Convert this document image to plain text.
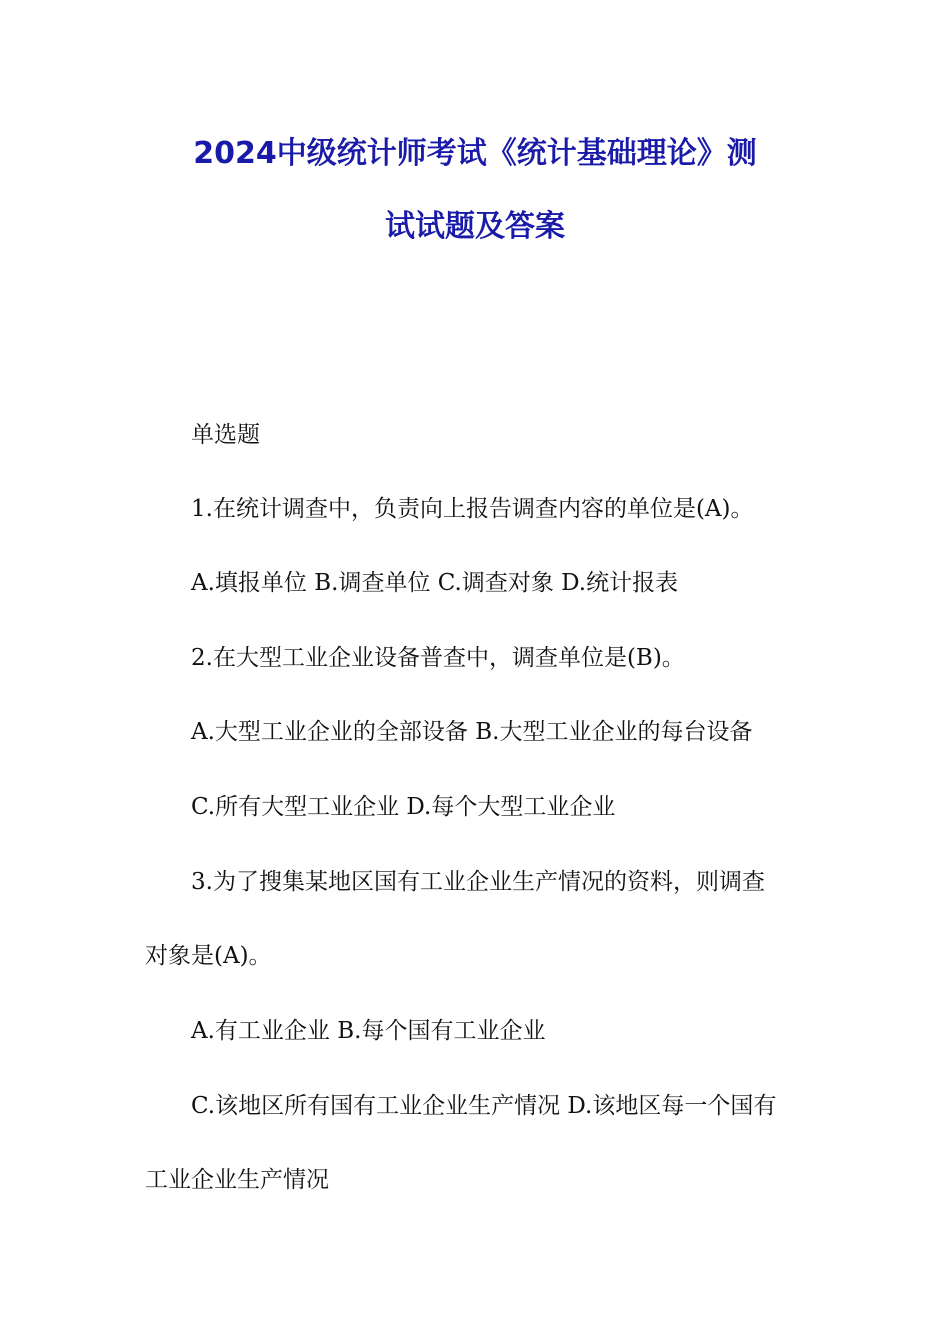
2024中级统计师考试《统计基础理论》测
试试题及答案
单选题
1.在统计调查中，负责向上报告调查内容的单位是(A)。
A.填报单位 B.调查单位 C.调查对象 D.统计报表
2.在大型工业企业设备普查中，调查单位是(B)。
A.大型工业企业的全部设备 B.大型工业企业的每台设备
C.所有大型工业企业 D.每个大型工业企业
3.为了搜集某地区国有工业企业生产情况的资料，则调查
对象是(A)。
A.有工业企业 B.每个国有工业企业
C.该地区所有国有工业企业生产情况 D.该地区每一个国有
工业企业生产情况
